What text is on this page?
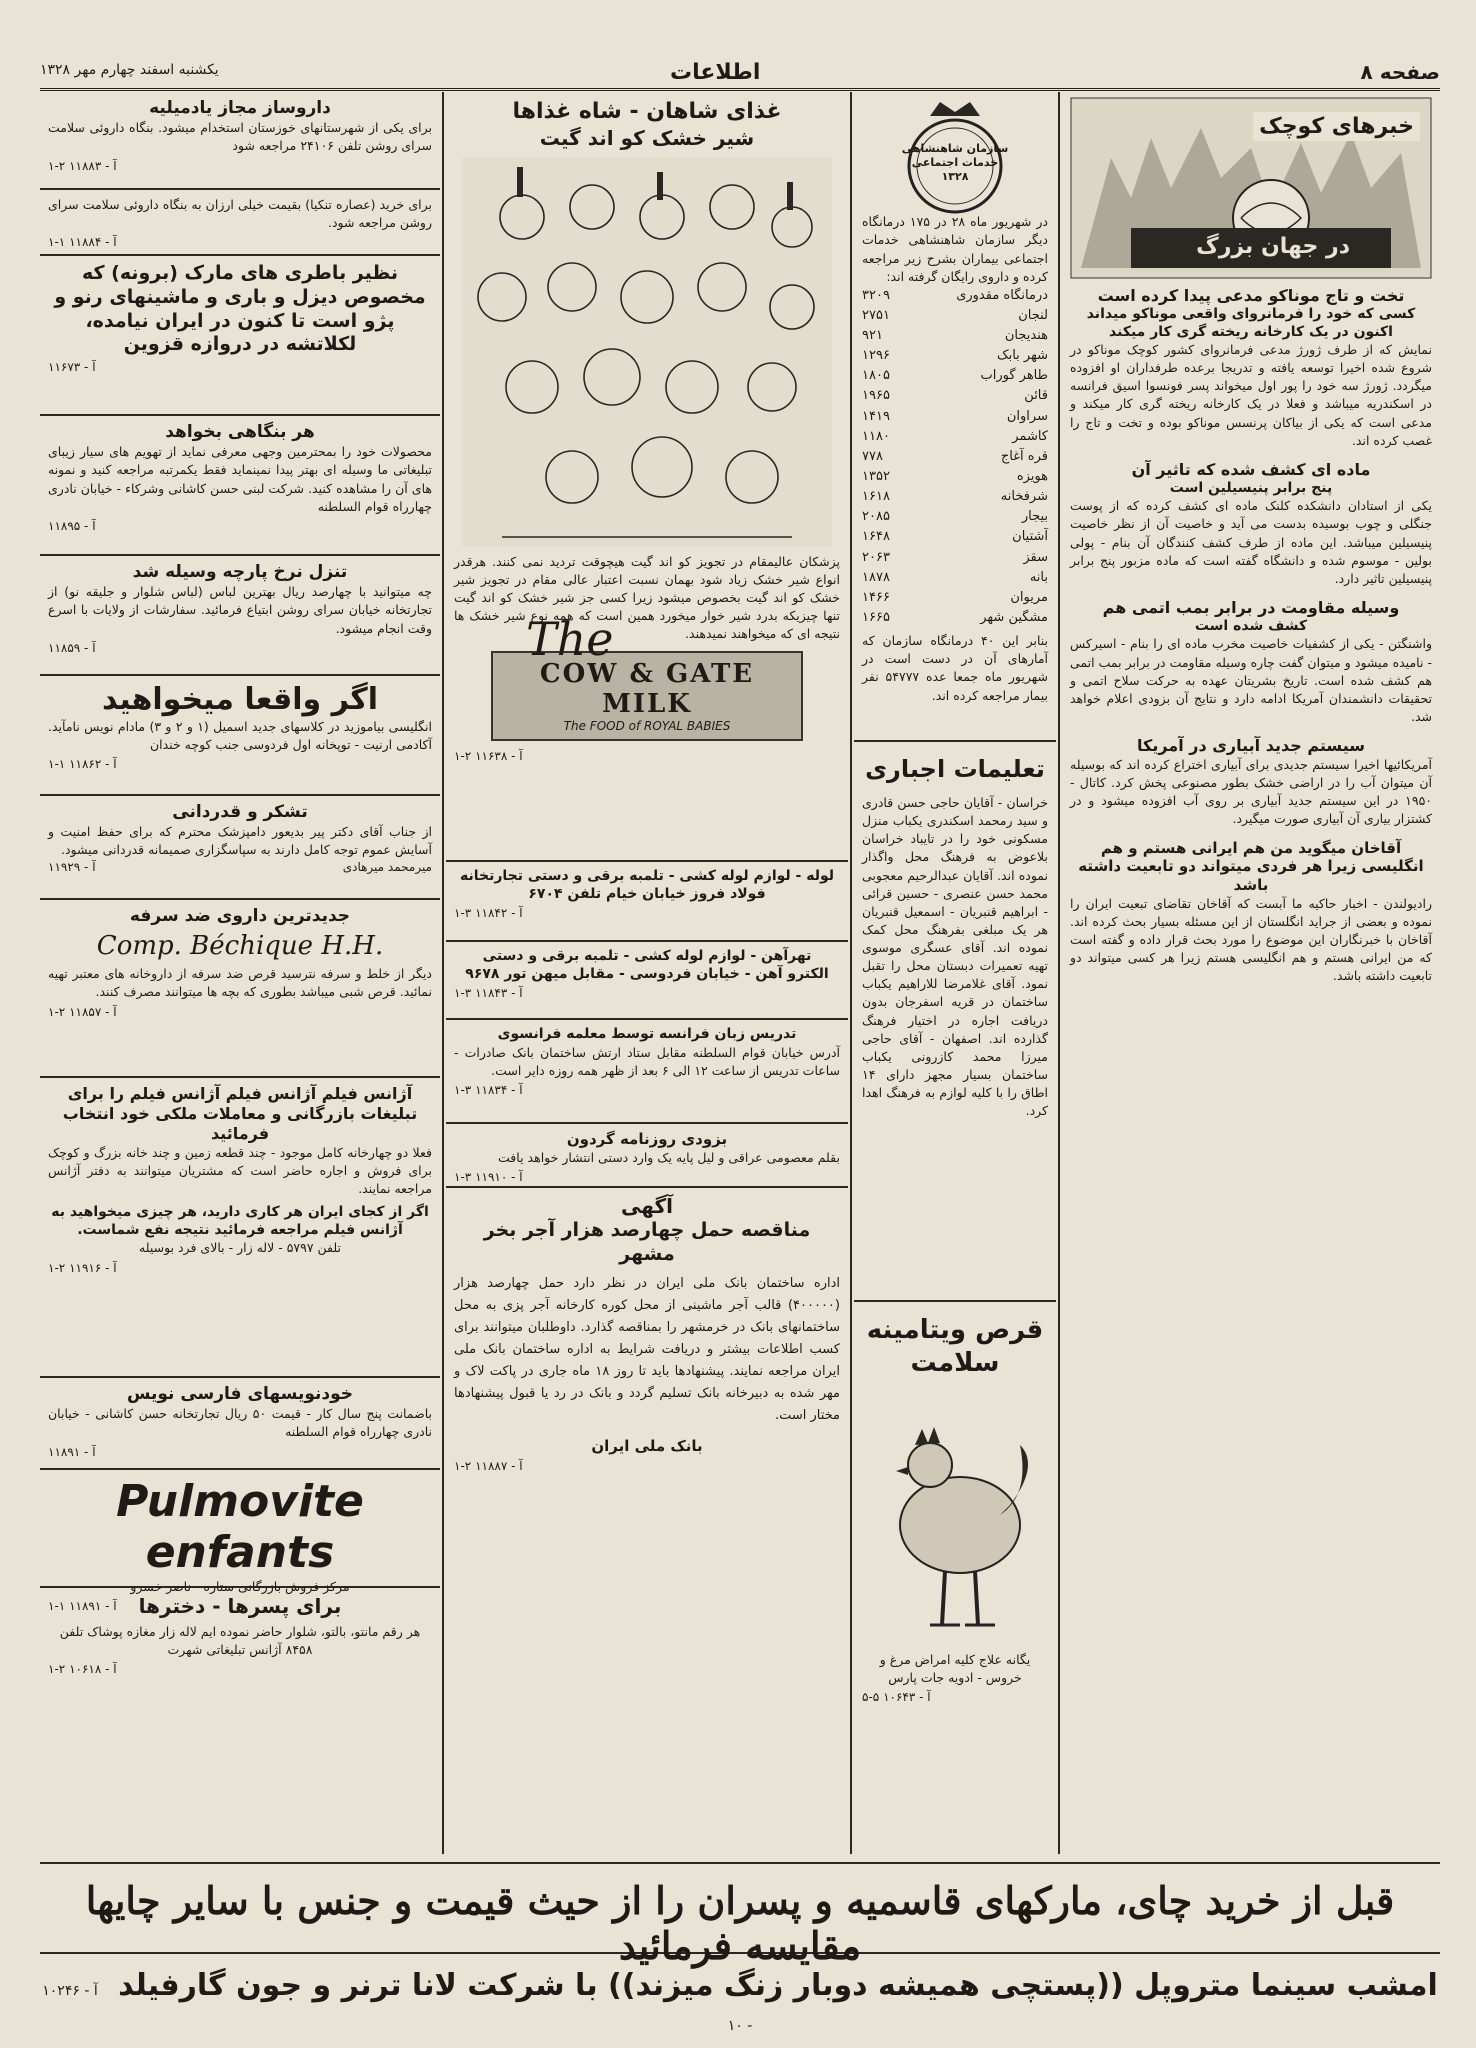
صفحه ۸
اطلاعات
یکشنبه اسفند چهارم مهر ۱۳۲۸
خبرهای کوچک
در جهان بزرگ
تخت و تاج موناکو مدعی پیدا کرده است
کسی که خود را فرمانروای واقعی موناکو میداند اکنون در یک کارخانه ریخته گری کار میکند
نمایش که از طرف ژورژ مدعی فرمانروای کشور کوچک موناکو در شروع شده اخیرا توسعه یافته و تدریجا برعده طرفداران او افزوده میگردد. ژورژ سه خود را پور اول میخواند پسر فونسوا اسیق فرانسه در اسکندریه میباشد و فعلا در یک کارخانه ریخته گری کار میکند و مدعی است که یکی از بیاکان پرنسس موناکو بوده و تخت و تاج را غصب کرده اند.
ماده ای کشف شده که تاثیر آن
پنج برابر پنیسیلین است
یکی از استادان دانشکده کلنک ماده ای کشف کرده که از پوست جنگلی و چوب بوسیده بدست می آید و خاصیت آن از نظر خاصیت پنیسیلین میباشد. این ماده از طرف کشف کنندگان آن بنام - پولی بولین - موسوم شده و دانشگاه گفته است که ماده مزبور پنج برابر پنیسیلین تاثیر دارد.
وسیله مقاومت در برابر بمب اتمی هم
کشف شده است
واشنگتن - یکی از کشفیات خاصیت مخرب ماده ای را بنام - اسیرکس - نامیده میشود و میتوان گفت چاره وسیله مقاومت در برابر بمب اتمی هم کشف شده است. تاریخ بشریتان عهده به حرکت سلاح اتمی و تحقیقات دانشمندان آمریکا ادامه دارد و نتایج آن بزودی اعلام خواهد شد.
سیستم جدید آبیاری در آمریکا
آمریکائیها اخیرا سیستم جدیدی برای آبیاری اختراع کرده اند که بوسیله آن میتوان آب را در اراضی خشک بطور مصنوعی پخش کرد. کاتال - ۱۹۵۰ در این سیستم جدید آبیاری بر روی آب افزوده میشود و در کشتزار بیاری آن آبیاری صورت میگیرد.
آقاخان میگوید من هم ایرانی هستم و هم انگلیسی زیرا هر فردی میتواند دو تابعیت داشته باشد
رادیولندن - اخبار حاکیه ما آبست که آقاخان تقاضای تبعیت ایران را نموده و بعضی از جراید انگلستان از این مسئله بسیار بحث کرده اند. آقاخان با خبرنگاران این موضوع را مورد بحث قرار داده و گفته است که من ایرانی هستم و هم انگلیسی هستم زیرا هر کسی میتواند دو تابعیت داشته باشد.
سازمان شاهنشاهی
خدمات اجتماعی
۱۳۲۸
در شهریور ماه ۲۸ در ۱۷۵ درمانگاه دیگر سازمان شاهنشاهی خدمات اجتماعی بیماران بشرح زیر مراجعه کرده و داروی رایگان گرفته اند:
درمانگاه مقدوری
۳۲۰۹
لنجان
۲۷۵۱
هندیجان
۹۲۱
شهر بابک
۱۲۹۶
طاهر گوراب
۱۸۰۵
قائن
۱۹۶۵
سراوان
۱۴۱۹
کاشمر
۱۱۸۰
قره آغاج
۷۷۸
هویزه
۱۳۵۲
شرفخانه
۱۶۱۸
بیجار
۲۰۸۵
آشتیان
۱۶۴۸
سقز
۲۰۶۳
بانه
۱۸۷۸
مریوان
۱۴۶۶
مشگین شهر
۱۶۶۵
بنابر این ۴۰ درمانگاه سازمان که آمارهای آن در دست است در شهریور ماه جمعا عده ۵۴۷۷۷ نفر بیمار مراجعه کرده اند.
تعلیمات اجباری
خراسان - آقایان حاجی حسن قادری و سید رمحمد اسکندری یکباب منزل مسکونی خود را در تایباد خراسان بلاعوض به فرهنگ محل واگذار نموده اند. آقایان عبدالرحیم معجوبی محمد حسن عنصری - حسین قرائی - ابراهیم قنبریان - اسمعیل قنبریان هر یک مبلغی بفرهنگ محل کمک نموده اند. آقای عسگری موسوی تهیه تعمیرات دبستان محل را تقبل نمود. آقای غلامرضا للاراهیم یکباب ساختمان در قریه اسفرجان بدون دریافت اجاره در اختیار فرهنگ گذارده اند. اصفهان - آقای حاجی میرزا محمد کازرونی یکباب ساختمان بسیار مجهز دارای ۱۴ اطاق را با کلیه لوازم به فرهنگ اهدا کرد.
قرص ویتامینه سلامت
یگانه علاج کلیه امراض مرغ و خروس - ادویه جات پارس
آ - ۱۰۶۴۳ ۵-۵
غذای شاهان - شاه غذاها
شیر خشک کو اند گیت
The
پزشکان عالیمقام در تجویز کو اند گیت هیچوقت تردید نمی کنند. هرقدر انواع شیر خشک زیاد شود بهمان نسبت اعتبار عالی مقام در تجویز شیر خشک کو اند گیت بخصوص میشود زیرا کسی جز شیر خشک کو اند گیت تنها چیزیکه بدرد شیر خوار میخورد همین است که همه نوع شیر خشک ها نتیجه ای که میخواهند نمیدهند.
COW & GATE MILK
The FOOD of ROYAL BABIES
آ - ۱۱۶۳۸ ۲-۱
لوله - لوازم لوله کشی - تلمبه برقی و دستی تجارتخانه
فولاد فروز خیابان خیام تلفن ۶۷۰۴
آ - ۱۱۸۴۲ ۳-۱
تهرآهن - لوازم لوله کشی - تلمبه برقی و دستی
الکترو آهن - خیابان فردوسی - مقابل میهن تور ۹۶۷۸
آ - ۱۱۸۴۳ ۳-۱
تدریس زبان فرانسه توسط معلمه فرانسوی
آدرس خیابان قوام السلطنه مقابل ستاد ارتش ساختمان بانک صادرات - ساعات تدریس از ساعت ۱۲ الی ۶ بعد از ظهر همه روزه دایر است.
آ - ۱۱۸۳۴ ۳-۱
بزودی روزنامه گردون
بقلم معصومی عراقی و لیل پایه یک وارد دستی انتشار خواهد یافت
آ - ۱۱۹۱۰ ۳-۱
آگهی
مناقصه حمل چهارصد هزار آجر بخر مشهر
اداره ساختمان بانک ملی ایران در نظر دارد حمل چهارصد هزار (۴۰۰۰۰۰) قالب آجر ماشینی از محل کوره کارخانه آجر پزی به محل ساختمانهای بانک در خرمشهر را بمناقصه گذارد. داوطلبان میتوانند برای کسب اطلاعات بیشتر و دریافت شرایط به اداره ساختمان بانک ملی ایران مراجعه نمایند. پیشنهادها باید تا روز ۱۸ ماه جاری در پاکت لاک و مهر شده به دبیرخانه بانک تسلیم گردد و بانک در رد یا قبول پیشنهادها مختار است.
بانک ملی ایران
آ - ۱۱۸۸۷ ۲-۱
داروساز مجاز یادمیلیه
برای یکی از شهرستانهای خوزستان استخدام میشود. بنگاه داروئی سلامت سرای روشن تلفن ۲۴۱۰۶ مراجعه شود
آ - ۱۱۸۸۳ ۲-۱
برای خرید (عصاره تنکیا) بقیمت خیلی ارزان به بنگاه داروئی سلامت سرای روشن مراجعه شود.
آ - ۱۱۸۸۴ ۱-۱
نظیر باطری های مارک (برونه) که مخصوص دیزل و باری و ماشینهای رنو و پژو است تا کنون در ایران نیامده، لکلاتشه در دروازه قزوین
آ - ۱۱۶۷۳
هر بنگاهی بخواهد
محصولات خود را بمحترمین وجهی معرفی نماید از تهویم های سیار زیبای تبلیغاتی ما وسیله ای بهتر پیدا نمینماید فقط یکمرتبه مراجعه کنید و نمونه های آن را مشاهده کنید. شرکت لبنی حسن کاشانی وشرکاء - خیابان نادری چهارراه قوام السلطنه
آ - ۱۱۸۹۵
تنزل نرخ پارچه وسیله شد
چه میتوانید با چهارصد ریال بهترین لباس (لباس شلوار و جلیقه نو) از تجارتخانه خیابان سرای روشن ابتیاع فرمائید. سفارشات از ولایات با اسرع وقت انجام میشود.
آ - ۱۱۸۵۹
اگر واقعا میخواهید
انگلیسی بیاموزید در کلاسهای جدید اسمیل (۱ و ۲ و ۳) مادام نویس نامآید. آکادمی ارنیت - توپخانه اول فردوسی جنب کوچه خندان
آ - ۱۱۸۶۲ ۱-۱
تشکر و قدردانی
از جناب آقای دکتر پیر بدیعور دامپزشک محترم که برای حفظ امنیت و آسایش عموم توجه کامل دارند به سپاسگزاری صمیمانه قدردانی میشود.
میرمحمد میرهادی
آ - ۱۱۹۲۹
جدیدترین داروی ضد سرفه
Comp. Béchique H.H.
دیگر از خلط و سرفه نترسید قرص ضد سرفه از داروخانه های معتبر تهیه نمائید. قرص شبی میباشد بطوری که بچه ها میتوانند مصرف کنند.
آ - ۱۱۸۵۷ ۲-۱
آژانس فیلم آژانس فیلم آژانس فیلم را برای تبلیغات بازرگانی و معاملات ملکی خود انتخاب فرمائید
فعلا دو چهارخانه کامل موجود - چند قطعه زمین و چند خانه بزرگ و کوچک برای فروش و اجاره حاضر است که مشتریان میتوانند به دفتر آژانس مراجعه نمایند.
اگر از کجای ایران هر کاری دارید، هر چیزی میخواهید به آژانس فیلم مراجعه فرمائید نتیجه نفع شماست.
تلفن ۵۷۹۷ - لاله زار - بالای فرد بوسیله
آ - ۱۱۹۱۶ ۲-۱
خودنویسهای فارسی نویس
باضمانت پنج سال کار - قیمت ۵۰ ریال تجارتخانه حسن کاشانی - خیابان نادری چهارراه قوام السلطنه
آ - ۱۱۸۹۱
Pulmovite enfants
مرکز فروش بازرگانی ستاره - ناصر خسرو
آ - ۱۱۸۹۱ ۱-۱	برای پسرها - دخترها
هر رقم مانتو، بالتو، شلوار حاضر نموده ایم لاله زار مغازه پوشاک تلفن ۸۴۵۸ آژانس تبلیغاتی شهرت
آ - ۱۰۶۱۸ ۲-۱
قبل از خرید چای، مارکهای قاسمیه و پسران را از حیث قیمت و جنس با سایر چایها مقایسه فرمائید
امشب سینما متروپل ((پستچی همیشه دوبار زنگ میزند)) با شرکت لانا ترنر و جون گارفیلد آ - ۱۰۲۴۶ - ۱۰
